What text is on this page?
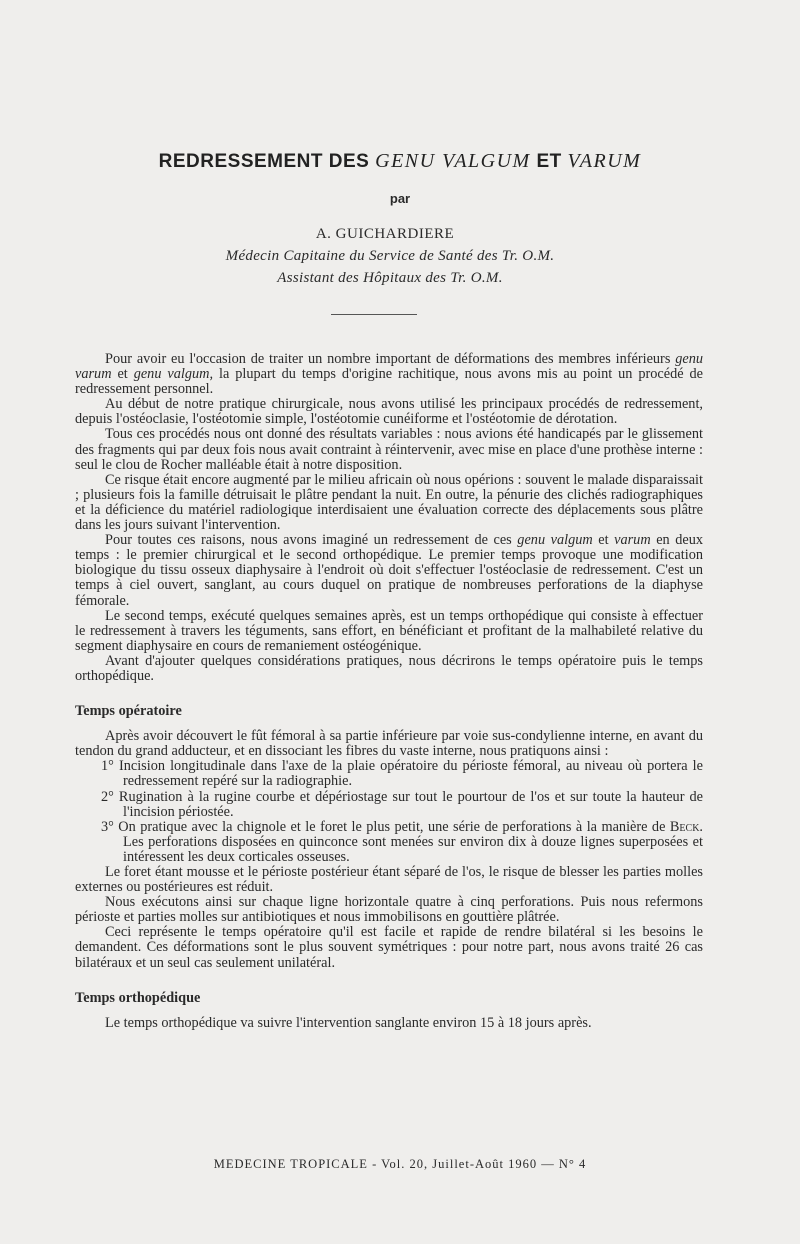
REDRESSEMENT DES GENU VALGUM ET VARUM
par
A. GUICHARDIERE
Médecin Capitaine du Service de Santé des Tr. O.M.
Assistant des Hôpitaux des Tr. O.M.

Pour avoir eu l'occasion de traiter un nombre important de déformations des membres inférieurs genu varum et genu valgum, la plupart du temps d'origine rachitique, nous avons mis au point un procédé de redressement personnel.

Au début de notre pratique chirurgicale, nous avons utilisé les principaux procédés de redressement, depuis l'ostéoclasie, l'ostéotomie simple, l'ostéotomie cunéiforme et l'ostéotomie de dérotation.

Tous ces procédés nous ont donné des résultats variables : nous avions été handicapés par le glissement des fragments qui par deux fois nous avait contraint à réintervenir, avec mise en place d'une prothèse interne : seul le clou de Rocher malléable était à notre disposition.

Ce risque était encore augmenté par le milieu africain où nous opérions : souvent le malade disparaissait ; plusieurs fois la famille détruisait le plâtre pendant la nuit. En outre, la pénurie des clichés radiographiques et la déficience du matériel radiologique interdisaient une évaluation correcte des déplacements sous plâtre dans les jours suivant l'intervention.

Pour toutes ces raisons, nous avons imaginé un redressement de ces genu valgum et varum en deux temps : le premier chirurgical et le second orthopédique. Le premier temps provoque une modification biologique du tissu osseux diaphysaire à l'endroit où doit s'effectuer l'ostéoclasie de redressement. C'est un temps à ciel ouvert, sanglant, au cours duquel on pratique de nombreuses perforations de la diaphyse fémorale.

Le second temps, exécuté quelques semaines après, est un temps orthopédique qui consiste à effectuer le redressement à travers les téguments, sans effort, en bénéficiant et profitant de la malhabileté relative du segment diaphysaire en cours de remaniement ostéogénique.

Avant d'ajouter quelques considérations pratiques, nous décrirons le temps opératoire puis le temps orthopédique.

Temps opératoire

Après avoir découvert le fût fémoral à sa partie inférieure par voie sus-condylienne interne, en avant du tendon du grand adducteur, et en dissociant les fibres du vaste interne, nous pratiquons ainsi :

1° Incision longitudinale dans l'axe de la plaie opératoire du périoste fémoral, au niveau où portera le redressement repéré sur la radiographie.

2° Rugination à la rugine courbe et dépériostage sur tout le pourtour de l'os et sur toute la hauteur de l'incision périostée.

3° On pratique avec la chignole et le foret le plus petit, une série de perforations à la manière de Beck. Les perforations disposées en quinconce sont menées sur environ dix à douze lignes superposées et intéressent les deux corticales osseuses.

Le foret étant mousse et le périoste postérieur étant séparé de l'os, le risque de blesser les parties molles externes ou postérieures est réduit.

Nous exécutons ainsi sur chaque ligne horizontale quatre à cinq perforations. Puis nous refermons périoste et parties molles sur antibiotiques et nous immobilisons en gouttière plâtrée.

Ceci représente le temps opératoire qu'il est facile et rapide de rendre bilatéral si les besoins le demandent. Ces déformations sont le plus souvent symétriques : pour notre part, nous avons traité 26 cas bilatéraux et un seul cas seulement unilatéral.

Temps orthopédique

Le temps orthopédique va suivre l'intervention sanglante environ 15 à 18 jours après.

MEDECINE TROPICALE - Vol. 20, Juillet-Août 1960 — N° 4
